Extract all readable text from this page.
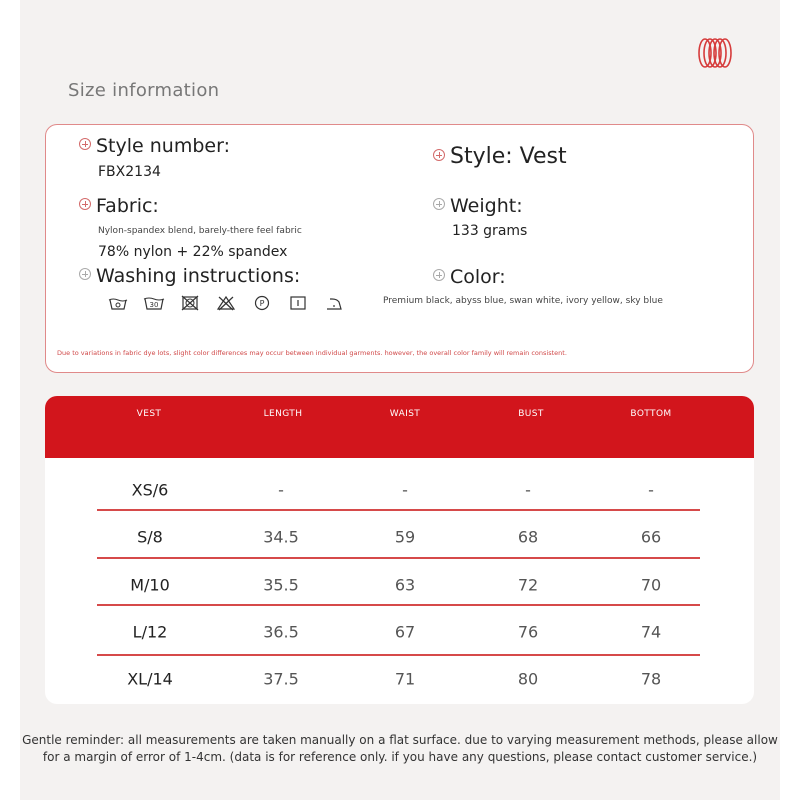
Size information
Style number:
FBX2134
Style: Vest
Fabric:
Nylon-spandex blend, barely-there feel fabric
78% nylon + 22% spandex
Weight:
133 grams
Washing instructions:
30	P
Color:
Premium black, abyss blue, swan white, ivory yellow, sky blue
Due to variations in fabric dye lots, slight color differences may occur between individual garments. however, the overall color family will remain consistent.
VEST	LENGTH	WAIST	BUST	BOTTOM
XS/6	-	-	-	-
S/8	34.5	59	68	66
M/10	35.5	63	72	70
L/12	36.5	67	76	74
XL/14	37.5	71	80	78
Gentle reminder: all measurements are taken manually on a flat surface. due to varying measurement methods, please allow
for a margin of error of 1-4cm. (data is for reference only. if you have any questions, please contact customer service.)
